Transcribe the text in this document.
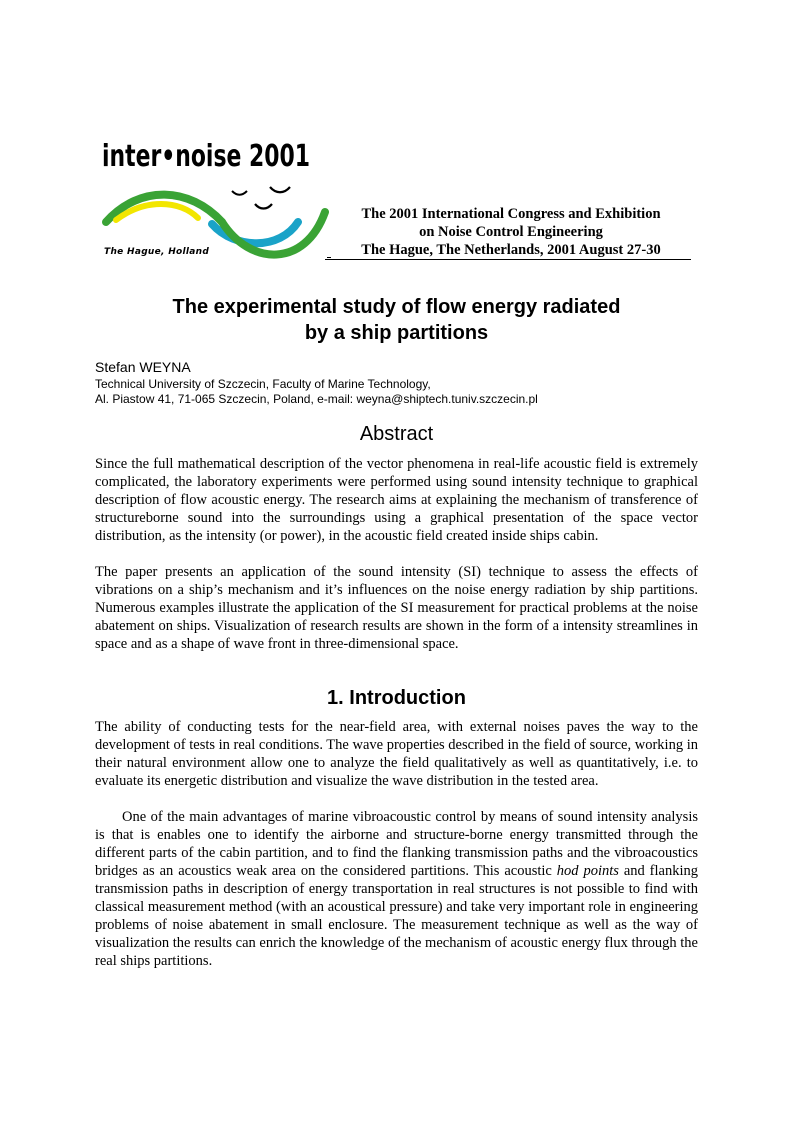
inter•noise 2001
The Hague, Holland
The 2001 International Congress and Exhibition
on Noise Control Engineering
The Hague, The Netherlands, 2001 August 27-30
The experimental study of flow energy radiated
by a ship partitions
Stefan WEYNA
Technical University of Szczecin, Faculty of Marine Technology,
Al. Piastow 41, 71-065 Szczecin, Poland, e-mail: weyna@shiptech.tuniv.szczecin.pl
Abstract
Since the full mathematical description of the vector phenomena in real-life acoustic field is extremely complicated, the laboratory experiments were performed using sound intensity technique to graphical description of flow acoustic energy. The research aims at explaining the mechanism of transference of structureborne sound into the surroundings using a graphical presentation of the space vector distribution, as the intensity (or power), in the acoustic field created inside ships cabin.
The paper presents an application of the sound intensity (SI) technique to assess the effects of vibrations on a ship’s mechanism and it’s influences on the noise energy radiation by ship partitions. Numerous examples illustrate the application of the SI measurement for practical problems at the noise abatement on ships. Visualization of research results are shown in the form of a intensity streamlines in space and as a shape of wave front in three-dimensional space.
1. Introduction
The ability of conducting tests for the near-field area, with external noises paves the way to the development of tests in real conditions. The wave properties described in the field of source, working in their natural environment allow one to analyze the field qualitatively as well as quantitatively, i.e. to evaluate its energetic distribution and visualize the wave distribution in the tested area.
One of the main advantages of marine vibroacoustic control by means of sound intensity analysis is that is enables one to identify the airborne and structure-borne energy transmitted through the different parts of the cabin partition, and to find the flanking transmission paths and the vibroacoustics bridges as an acoustics weak area on the considered partitions. This acoustic hod points and flanking transmission paths in description of energy transportation in real structures is not possible to find with classical measurement method (with an acoustical pressure) and take very important role in engineering problems of noise abatement in small enclosure. The measurement technique as well as the way of visualization the results can enrich the knowledge of the mechanism of acoustic energy flux through the real ships partitions.
